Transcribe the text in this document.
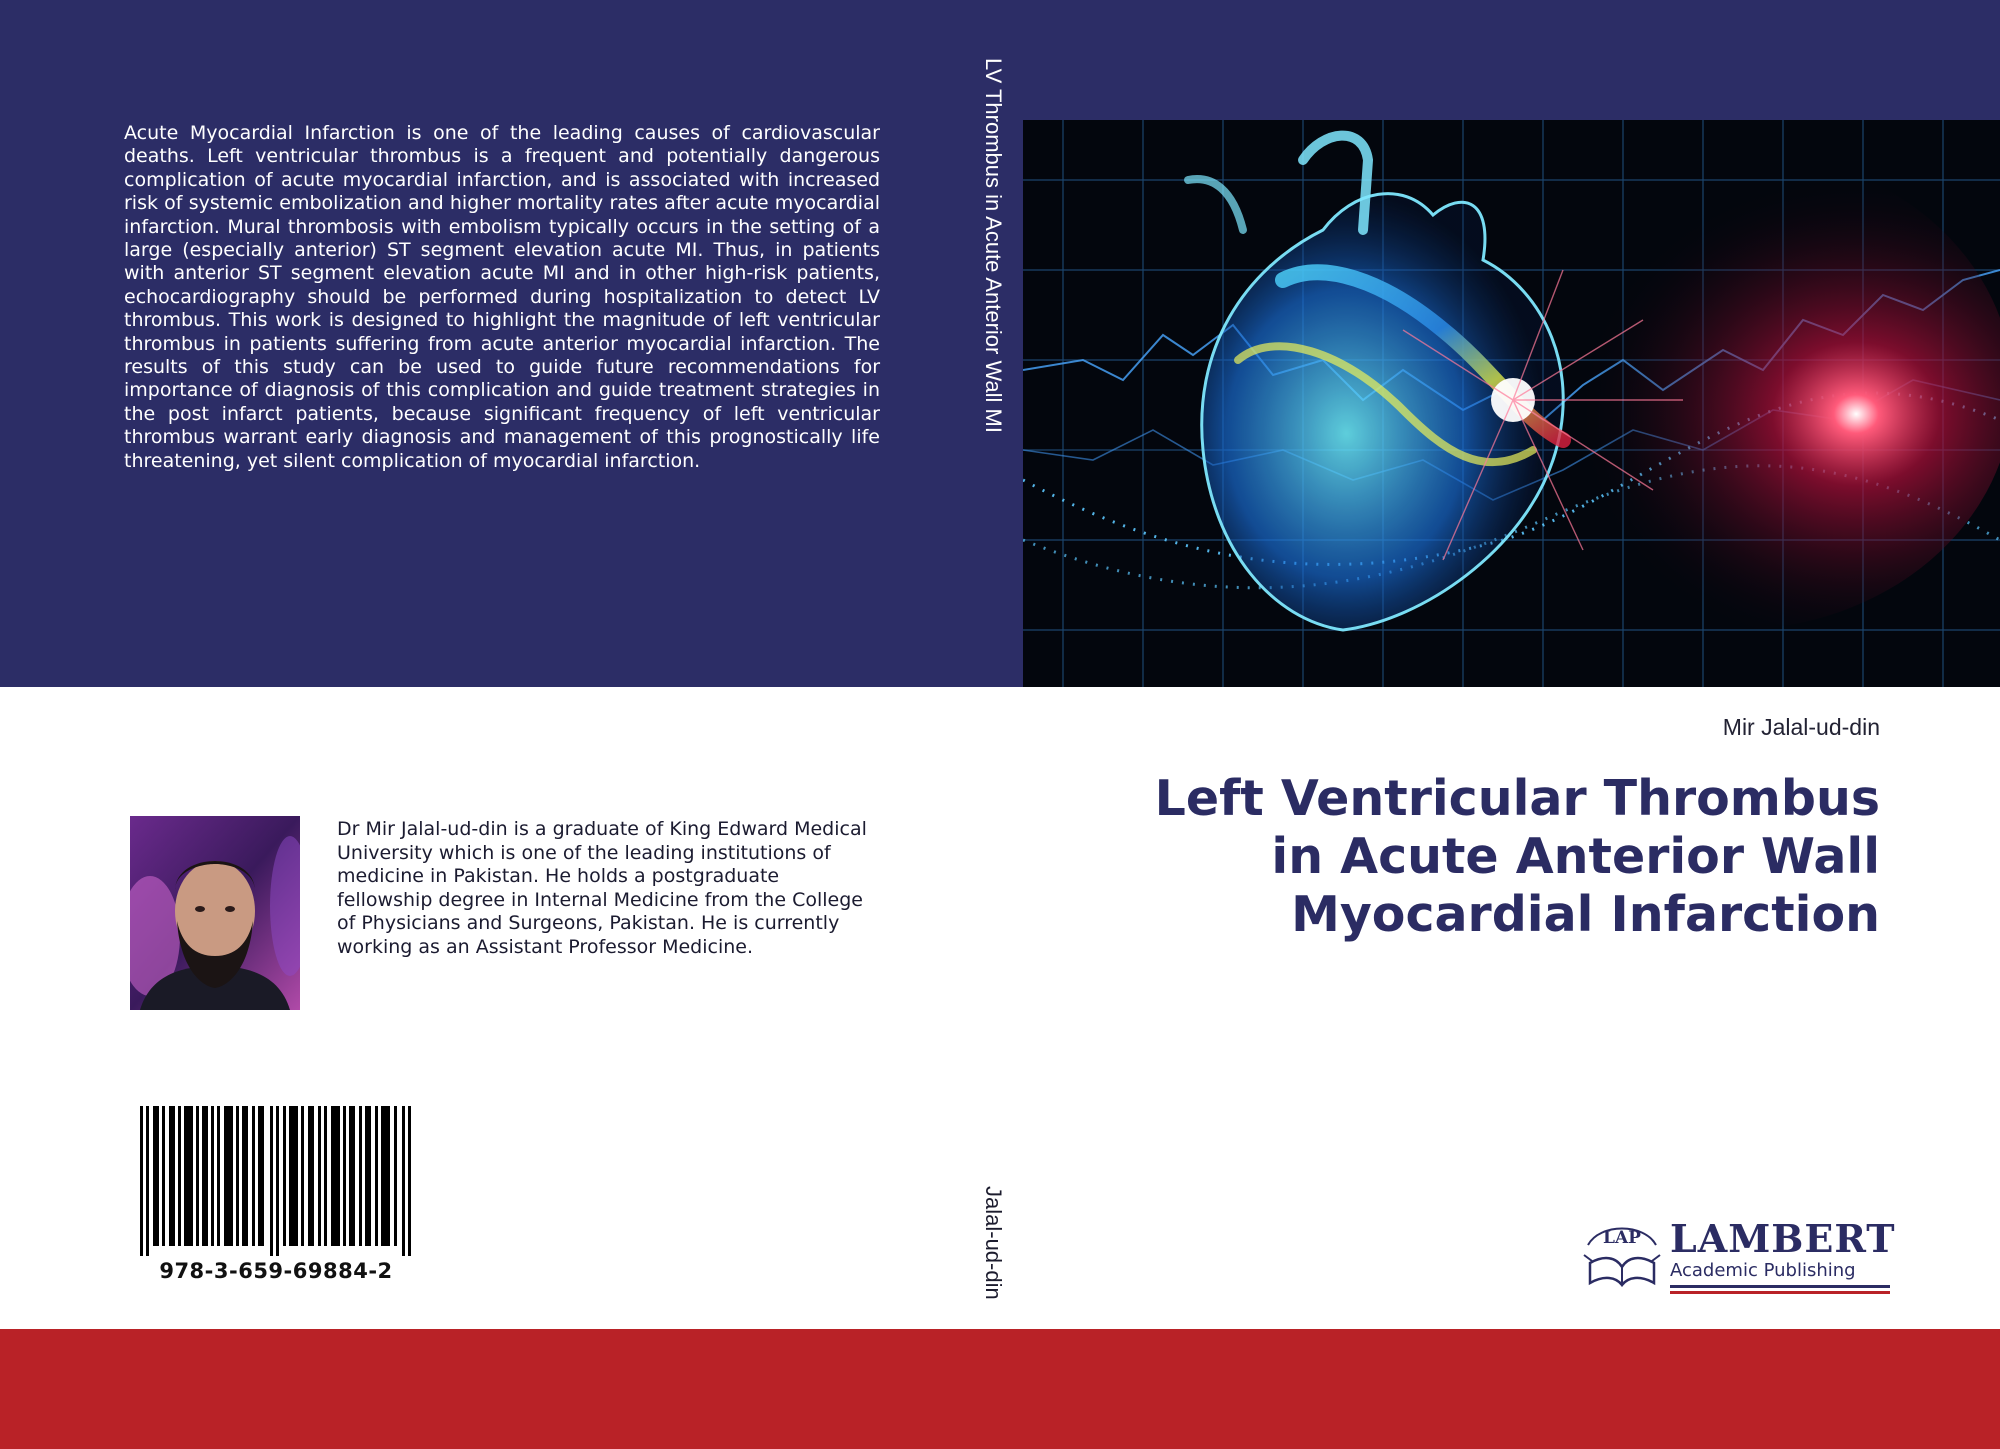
Acute Myocardial Infarction is one of the leading causes of cardiovascular deaths. Left ventricular thrombus is a frequent and potentially dangerous complication of acute myocardial infarction, and is associated with increased risk of systemic embolization and higher mortality rates after acute myocardial infarction. Mural thrombosis with embolism typically occurs in the setting of a large (especially anterior) ST segment elevation acute MI. Thus, in patients with anterior ST segment elevation acute MI and in other high-risk patients, echocardiography should be performed during hospitalization to detect LV thrombus. This work is designed to highlight the magnitude of left ventricular thrombus in patients suffering from acute anterior myocardial infarction. The results of this study can be used to guide future recommendations for importance of diagnosis of this complication and guide treatment strategies in the post infarct patients, because significant frequency of left ventricular thrombus warrant early diagnosis and management of this prognostically life threatening, yet silent complication of myocardial infarction.

LV Thrombus in Acute Anterior Wall MI
Jalal-ud-din
Mir Jalal-ud-din
Left Ventricular Thrombus
in Acute Anterior Wall
Myocardial Infarction

Dr Mir Jalal-ud-din is a graduate of King Edward Medical University which is one of the leading institutions of medicine in Pakistan. He holds a postgraduate fellowship degree in Internal Medicine from the College of Physicians and Surgeons, Pakistan. He is currently working as an Assistant Professor Medicine.

978-3-659-69884-2
LAP LAMBERT
Academic Publishing
